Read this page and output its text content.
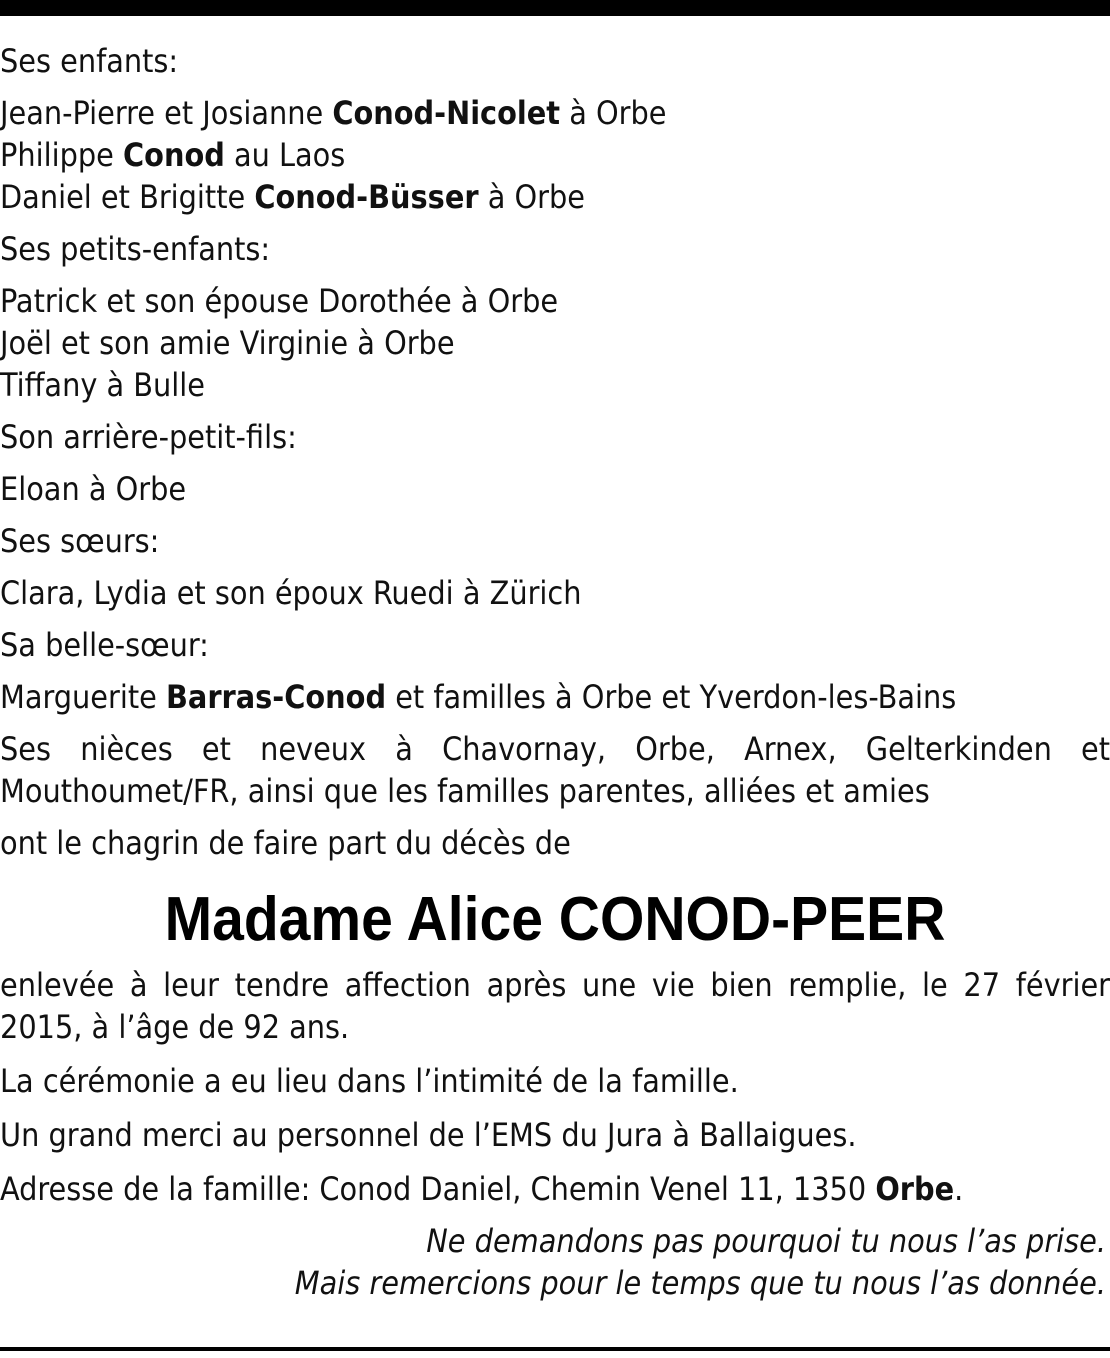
Ses enfants:
Jean-Pierre et Josianne Conod-Nicolet à Orbe
Philippe Conod au Laos
Daniel et Brigitte Conod-Büsser à Orbe
Ses petits-enfants:
Patrick et son épouse Dorothée à Orbe
Joël et son amie Virginie à Orbe
Tiffany à Bulle
Son arrière-petit-fils:
Eloan à Orbe
Ses sœurs:
Clara, Lydia et son époux Ruedi à Zürich
Sa belle-sœur:
Marguerite Barras-Conod et familles à Orbe et Yverdon-les-Bains
Ses nièces et neveux à Chavornay, Orbe, Arnex, Gelterkinden et
Mouthoumet/FR, ainsi que les familles parentes, alliées et amies
ont le chagrin de faire part du décès de
Madame Alice CONOD-PEER
enlevée à leur tendre affection après une vie bien remplie, le 27 février
2015, à l’âge de 92 ans.
La cérémonie a eu lieu dans l’intimité de la famille.
Un grand merci au personnel de l’EMS du Jura à Ballaigues.
Adresse de la famille: Conod Daniel, Chemin Venel 11, 1350 Orbe.
Ne demandons pas pourquoi tu nous l’as prise.
Mais remercions pour le temps que tu nous l’as donnée.
